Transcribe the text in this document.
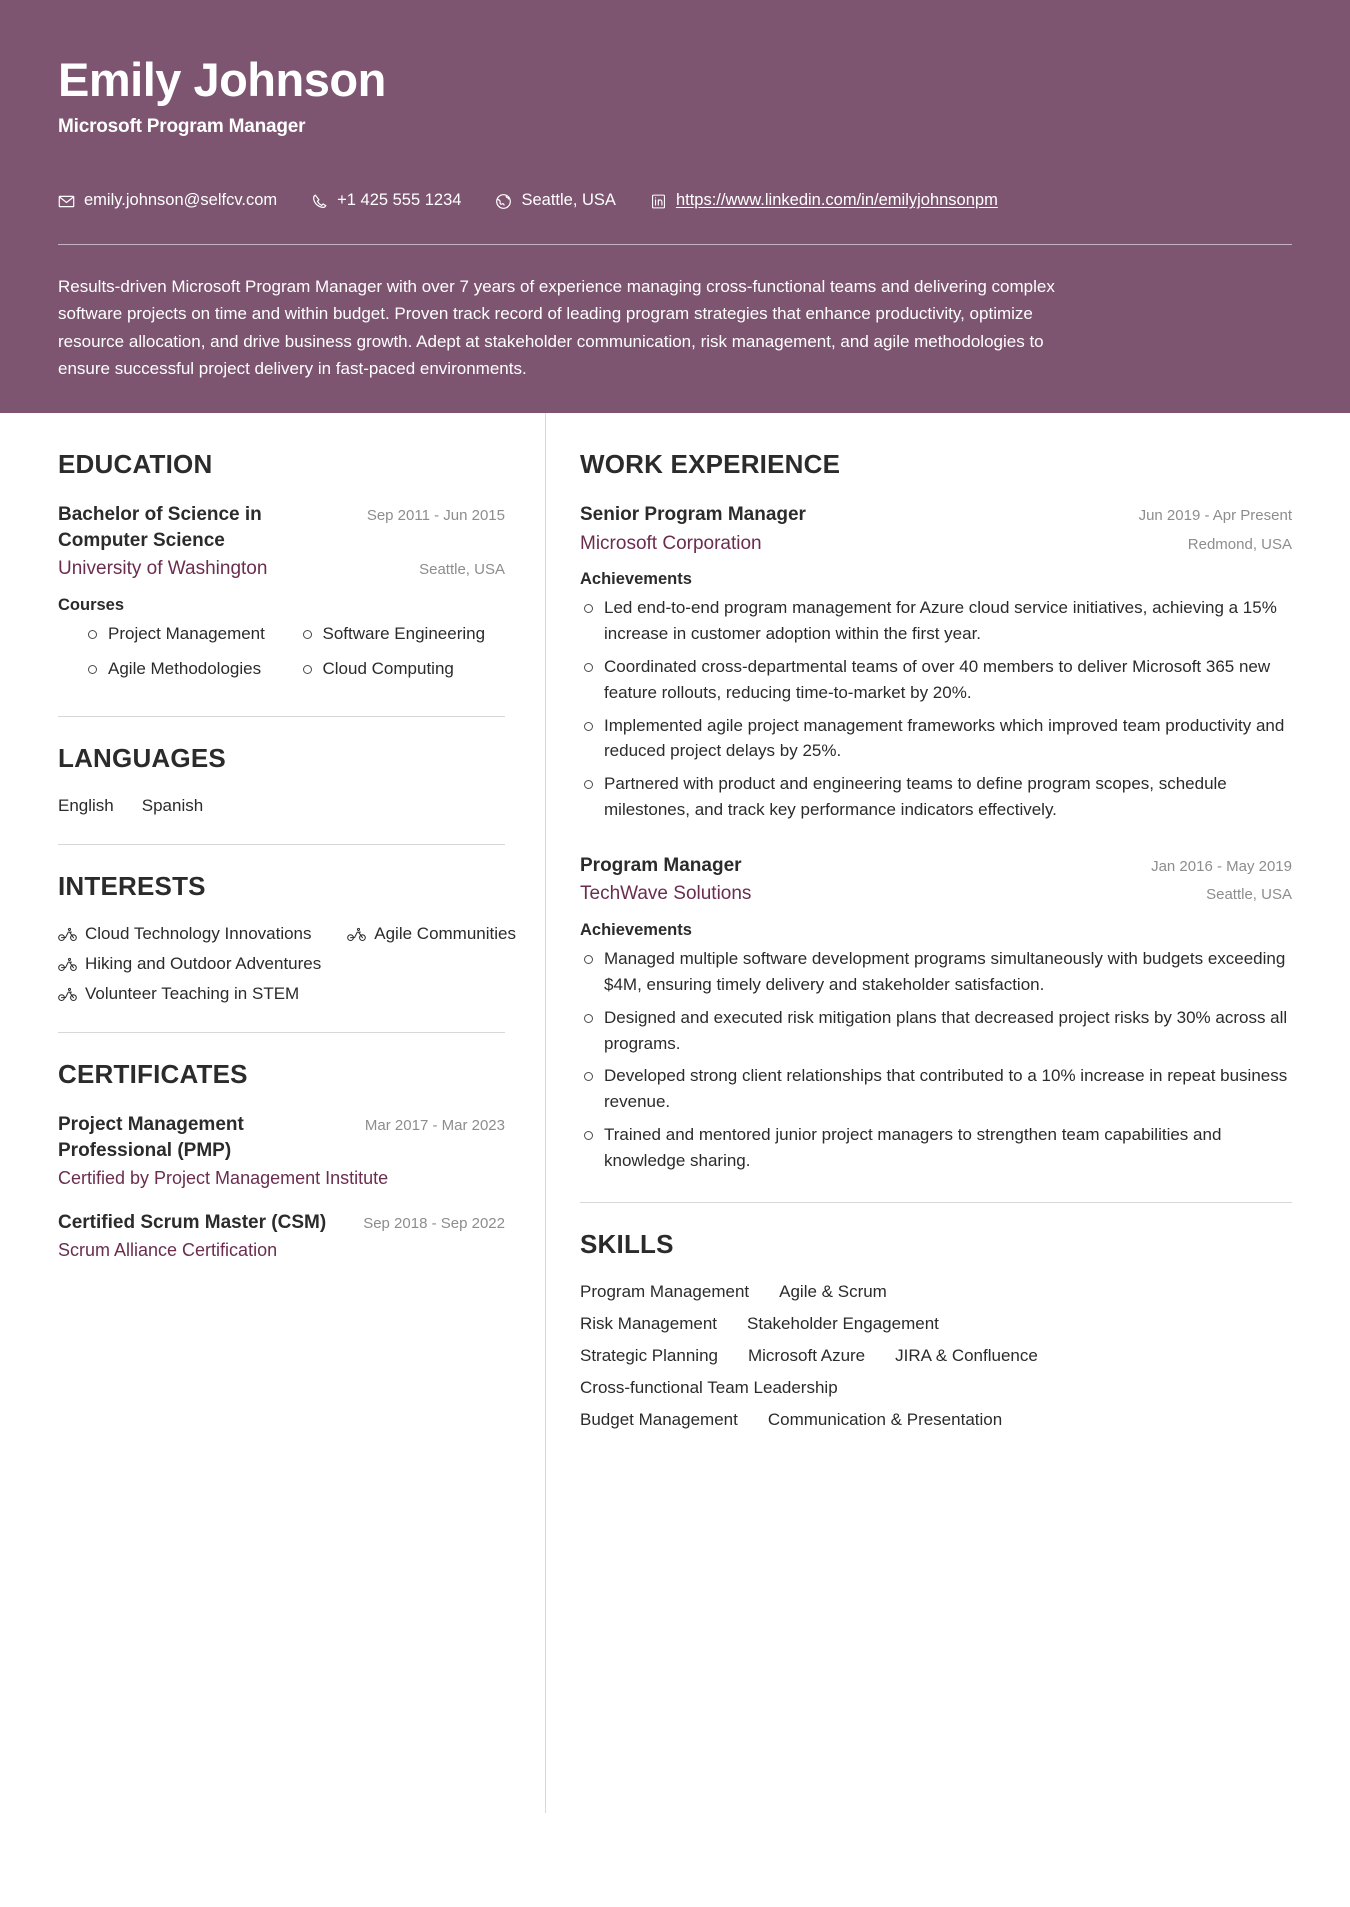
Emily Johnson
Microsoft Program Manager
emily.johnson@selfcv.com	+1 425 555 1234	Seattle, USA	https://www.linkedin.com/in/emilyjohnsonpm
Results-driven Microsoft Program Manager with over 7 years of experience managing cross-functional teams and delivering complex software projects on time and within budget. Proven track record of leading program strategies that enhance productivity, optimize resource allocation, and drive business growth. Adept at stakeholder communication, risk management, and agile methodologies to ensure successful project delivery in fast-paced environments.
EDUCATION
Bachelor of Science in Computer Science
Sep 2011 - Jun 2015
University of Washington	Seattle, USA
Courses
Project Management	Software Engineering
Agile Methodologies	Cloud Computing
LANGUAGES
English Spanish
INTERESTS
Cloud Technology Innovations	Agile Communities
Hiking and Outdoor Adventures
Volunteer Teaching in STEM
CERTIFICATES
Project Management Professional (PMP)
Mar 2017 - Mar 2023
Certified by Project Management Institute
Certified Scrum Master (CSM) Sep 2018 - Sep 2022
Scrum Alliance Certification
WORK EXPERIENCE
Senior Program Manager	Jun 2019 - Apr Present
Microsoft Corporation	Redmond, USA
Achievements
Led end-to-end program management for Azure cloud service initiatives, achieving a 15% increase in customer adoption within the first year.
Coordinated cross-departmental teams of over 40 members to deliver Microsoft 365 new feature rollouts, reducing time-to-market by 20%.
Implemented agile project management frameworks which improved team productivity and reduced project delays by 25%.
Partnered with product and engineering teams to define program scopes, schedule milestones, and track key performance indicators effectively.
Program Manager	Jan 2016 - May 2019
TechWave Solutions	Seattle, USA
Achievements
Managed multiple software development programs simultaneously with budgets exceeding $4M, ensuring timely delivery and stakeholder satisfaction.
Designed and executed risk mitigation plans that decreased project risks by 30% across all programs.
Developed strong client relationships that contributed to a 10% increase in repeat business revenue.
Trained and mentored junior project managers to strengthen team capabilities and knowledge sharing.
SKILLS
Program Management Agile & Scrum
Risk Management Stakeholder Engagement
Strategic Planning Microsoft Azure JIRA & Confluence
Cross-functional Team Leadership
Budget Management Communication & Presentation
